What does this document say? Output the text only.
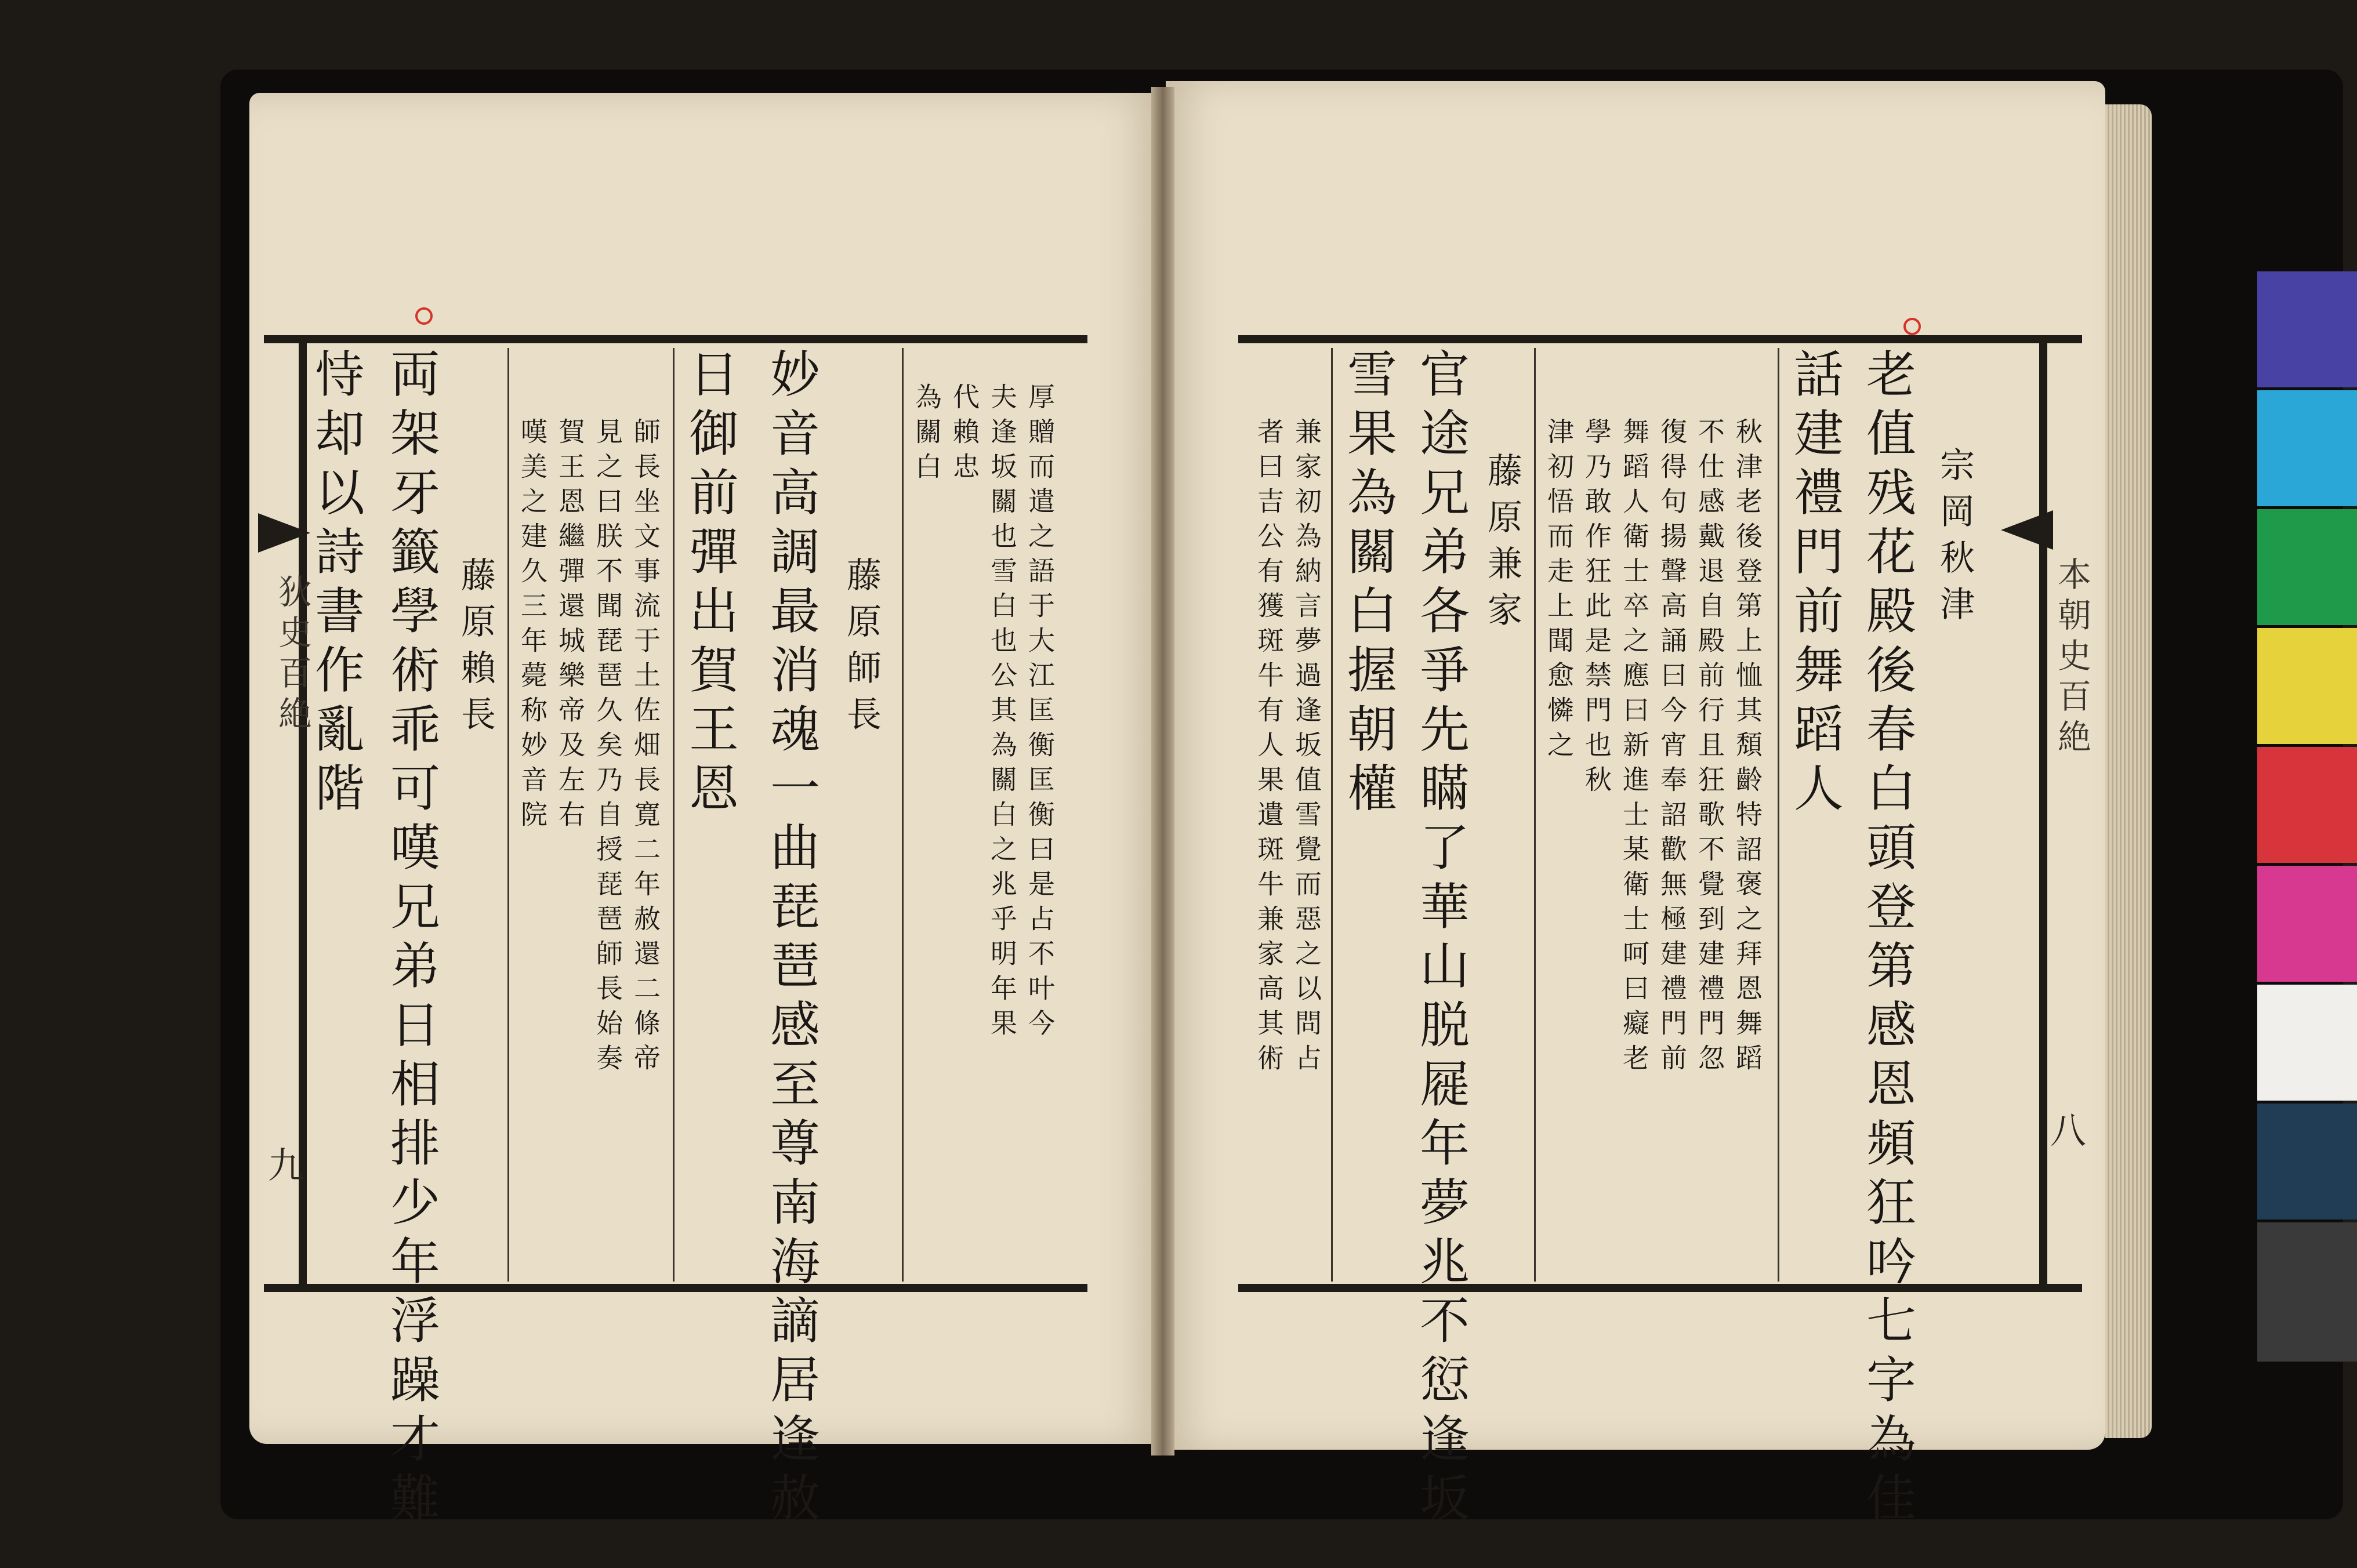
狄史百絶
九
本朝史百絶
八
厚贈而遣之語于大江匡衡匡衡曰是占不叶今
夫逢坂關也雪白也公其為關白之兆乎明年果
代賴忠
為關白
藤原師長
妙音高調最消魂一曲琵琶感至尊南海謫居逢赦
日御前彈出賀王恩
師長坐文事流于土佐畑長寛二年赦還二條帝
見之曰朕不聞琵琶久矣乃自授琵琶師長始奏
賀王恩繼彈還城樂帝及左右
嘆美之建久三年薨称妙音院
藤原賴長
両架牙籤學術乖可嘆兄弟日相排少年浮躁才難
恃却以詩書作亂階	宗岡秋津
老值残花殿後春白頭登第感恩頻狂吟七字為佳
話建禮門前舞蹈人
秋津老後登第上恤其頽齡特詔褒之拜恩舞蹈
不仕感戴退自殿前行且狂歌不覺到建禮門忽
復得句揚聲高誦曰今宵奉詔歡無極建禮門前
舞蹈人衛士卒之應曰新進士某衛士呵曰癡老
學乃敢作狂此是禁門也秋
津初悟而走上聞愈憐之
藤原兼家
官途兄弟各爭先瞞了華山脱屣年夢兆不愆逢坂
雪果為關白握朝權
兼家初為納言夢過逢坂值雪覺而惡之以問占
者曰吉公有獲斑牛有人果遺斑牛兼家高其術
